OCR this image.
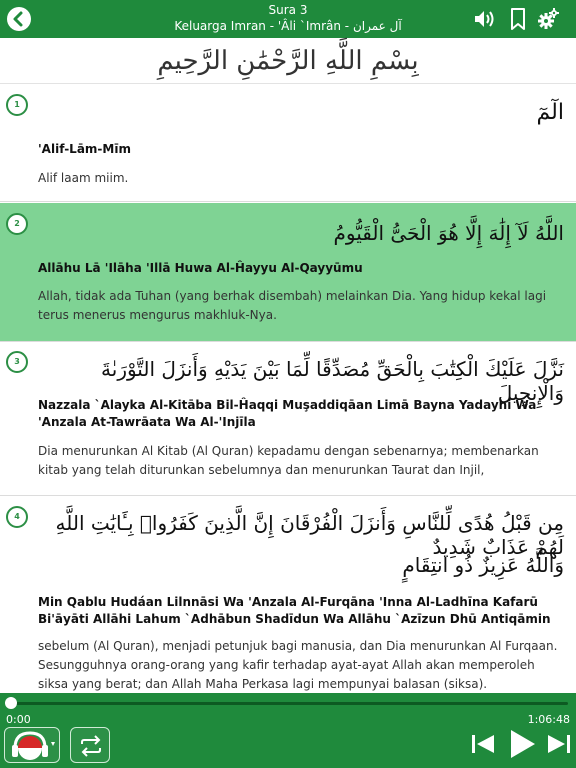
Sura 3
Keluarga Imran - 'Âli `Imrân - آل عمران
بِسْمِ اللَّهِ الرَّحْمَٰنِ الرَّحِيمِ
1	الٓمٓ
'Alif-Lām-Mīm
Alif laam miim.
2	اللَّهُ لَآ إِلَٰهَ إِلَّا هُوَ الْحَىُّ الْقَيُّومُ
Allāhu Lā 'Ilāha 'Illā Huwa Al-Ĥayyu Al-Qayyūmu
Allah, tidak ada Tuhan (yang berhak disembah) melainkan Dia. Yang hidup kekal lagi terus menerus mengurus makhluk-Nya.
3	نَزَّلَ عَلَيْكَ الْكِتَٰبَ بِالْحَقِّ مُصَدِّقًا لِّمَا بَيْنَ يَدَيْهِ وَأَنزَلَ التَّوْرَىٰةَ وَالْإِنجِيلَ
Nazzala `Alayka Al-Kitāba Bil-Ĥaqqi Muşaddiqāan Limā Bayna Yadayhi Wa 'Anzala At-Tawrāata Wa Al-'Injīla
Dia menurunkan Al Kitab (Al Quran) kepadamu dengan sebenarnya; membenarkan kitab yang telah diturunkan sebelumnya dan menurunkan Taurat dan Injil,
4	مِن قَبْلُ هُدًى لِّلنَّاسِ وَأَنزَلَ الْفُرْقَانَ إِنَّ الَّذِينَ كَفَرُوا۟ بِـَٔايَٰتِ اللَّهِ لَهُمْ عَذَابٌ شَدِيدٌ
وَاللَّهُ عَزِيزٌ ذُو انتِقَامٍ
Min Qablu Hudáan Lilnnāsi Wa 'Anzala Al-Furqāna 'Inna Al-Ladhīna Kafarū Bi'āyāti Allāhi Lahum `Adhābun Shadīdun Wa Allāhu `Azīzun Dhū Antiqāmin
sebelum (Al Quran), menjadi petunjuk bagi manusia, dan Dia menurunkan Al Furqaan. Sesungguhnya orang-orang yang kafir terhadap ayat-ayat Allah akan memperoleh siksa yang berat; dan Allah Maha Perkasa lagi mempunyai balasan (siksa).
0:00	1:06:48
